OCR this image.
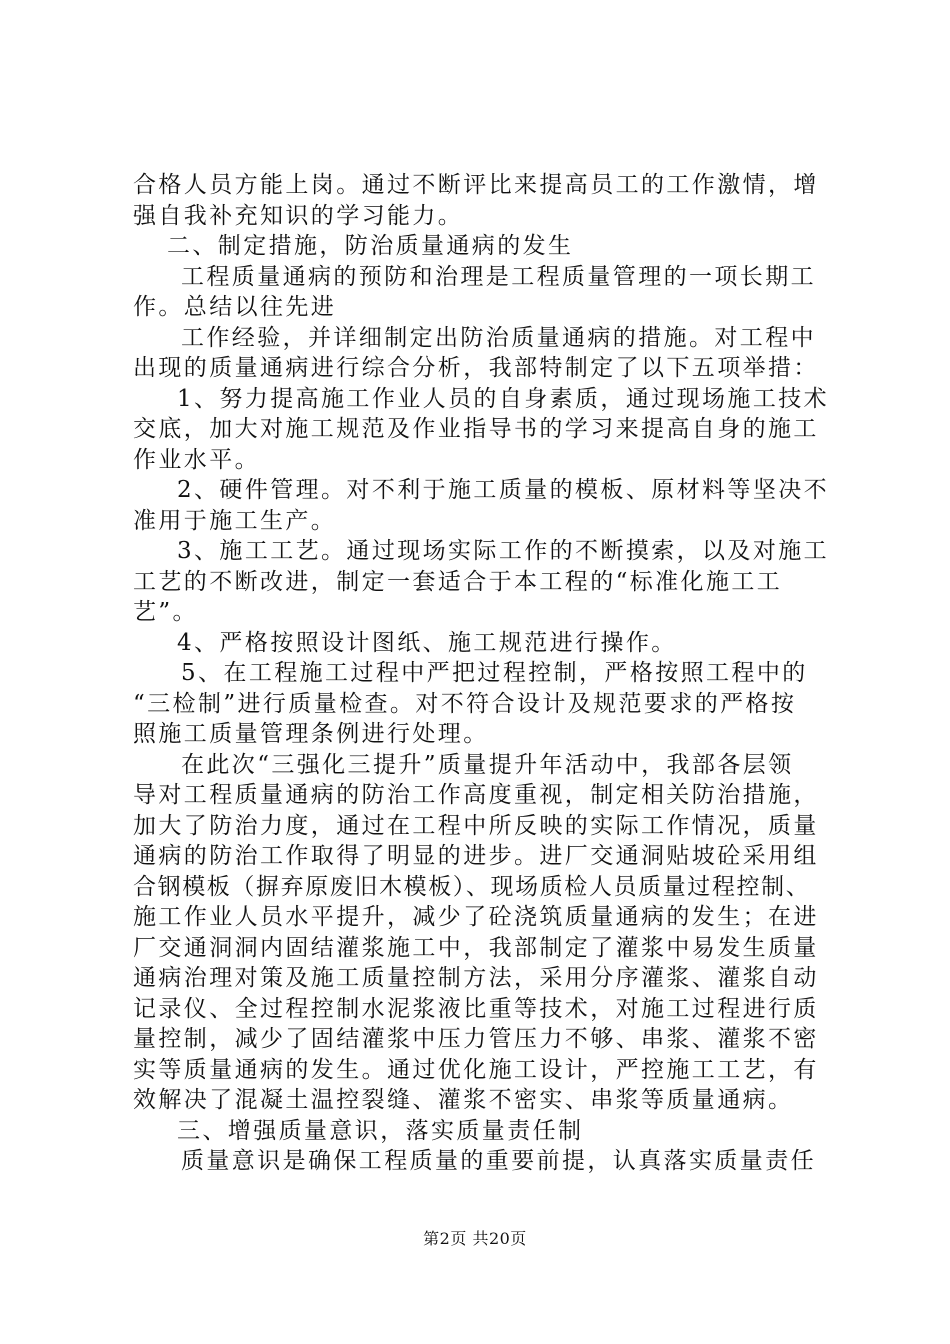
合格人员方能上岗。通过不断评比来提高员工的工作激情，增
强自我补充知识的学习能力。
二、制定措施，防治质量通病的发生
工程质量通病的预防和治理是工程质量管理的一项长期工
作。总结以往先进
工作经验，并详细制定出防治质量通病的措施。对工程中
出现的质量通病进行综合分析，我部特制定了以下五项举措：
1、努力提高施工作业人员的自身素质，通过现场施工技术
交底，加大对施工规范及作业指导书的学习来提高自身的施工
作业水平。
2、硬件管理。对不利于施工质量的模板、原材料等坚决不
准用于施工生产。
3、施工工艺。通过现场实际工作的不断摸索，以及对施工
工艺的不断改进，制定一套适合于本工程的“标准化施工工
艺”。
4、严格按照设计图纸、施工规范进行操作。
5、在工程施工过程中严把过程控制，严格按照工程中的
“三检制”进行质量检查。对不符合设计及规范要求的严格按
照施工质量管理条例进行处理。
在此次“三强化三提升”质量提升年活动中，我部各层领
导对工程质量通病的防治工作高度重视，制定相关防治措施，
加大了防治力度，通过在工程中所反映的实际工作情况，质量
通病的防治工作取得了明显的进步。进厂交通洞贴坡砼采用组
合钢模板（摒弃原废旧木模板）、现场质检人员质量过程控制、
施工作业人员水平提升，减少了砼浇筑质量通病的发生；在进
厂交通洞洞内固结灌浆施工中，我部制定了灌浆中易发生质量
通病治理对策及施工质量控制方法，采用分序灌浆、灌浆自动
记录仪、全过程控制水泥浆液比重等技术，对施工过程进行质
量控制，减少了固结灌浆中压力管压力不够、串浆、灌浆不密
实等质量通病的发生。通过优化施工设计，严控施工工艺，有
效解决了混凝土温控裂缝、灌浆不密实、串浆等质量通病。
三、增强质量意识，落实质量责任制
质量意识是确保工程质量的重要前提，认真落实质量责任
第2页 共20页
